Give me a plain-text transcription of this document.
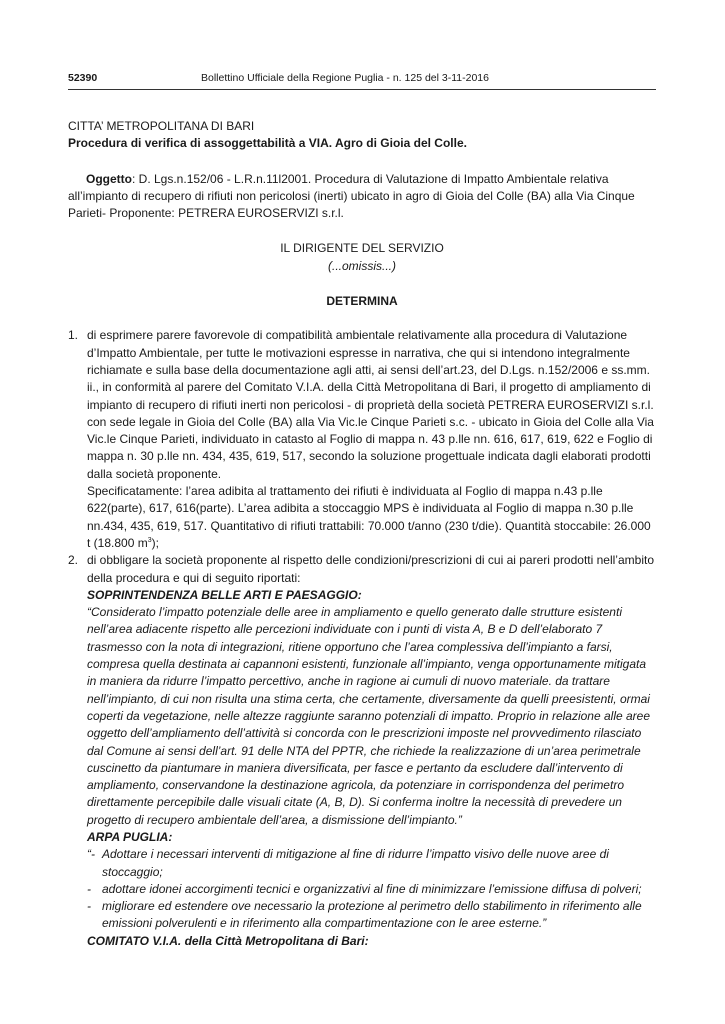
52390	Bollettino Ufficiale della Regione Puglia - n. 125 del 3-11-2016

CITTA’ METROPOLITANA DI BARI

Procedura di verifica di assoggettabilità a VIA. Agro di Gioia del Colle.

Oggetto: D. Lgs.n.152/06 - L.R.n.11l2001. Procedura di Valutazione di Impatto Ambientale relativa all’impianto di recupero di rifiuti non pericolosi (inerti) ubicato in agro di Gioia del Colle (BA) alla Via Cinque Parieti- Proponente: PETRERA EUROSERVIZI s.r.l.

IL DIRIGENTE DEL SERVIZIO

(...omissis...)

DETERMINA

1. di esprimere parere favorevole di compatibilità ambientale relativamente alla procedura di Valutazione d’Impatto Ambientale, per tutte le motivazioni espresse in narrativa, che qui si intendono integralmente richiamate e sulla base della documentazione agli atti, ai sensi dell’art.23, del D.Lgs. n.152/2006 e ss.mm. ii., in conformità al parere del Comitato V.I.A. della Città Metropolitana di Bari, il progetto di ampliamento di impianto di recupero di rifiuti inerti non pericolosi - di proprietà della società PETRERA EUROSERVIZI s.r.l. con sede legale in Gioia del Colle (BA) alla Via Vic.le Cinque Parieti s.c. - ubicato in Gioia del Colle alla Via Vic.le Cinque Parieti, individuato in catasto al Foglio di mappa n. 43 p.lle nn. 616, 617, 619, 622 e Foglio di mappa n. 30 p.lle nn. 434, 435, 619, 517, secondo la soluzione progettuale indicata dagli elaborati prodotti dalla società proponente.

Specificatamente: l’area adibita al trattamento dei rifiuti è individuata al Foglio di mappa n.43 p.lle 622(parte), 617, 616(parte). L’area adibita a stoccaggio MPS è individuata al Foglio di mappa n.30 p.lle nn.434, 435, 619, 517. Quantitativo di rifiuti trattabili: 70.000 t/anno (230 t/die). Quantità stoccabile: 26.000 t (18.800 $m^3$);

2. di obbligare la società proponente al rispetto delle condizioni/prescrizioni di cui ai pareri prodotti nell’ambito della procedura e qui di seguito riportati:

SOPRINTENDENZA BELLE ARTI E PAESAGGIO:

“Considerato l’impatto potenziale delle aree in ampliamento e quello generato dalle strutture esistenti nell’area adiacente rispetto alle percezioni individuate con i punti di vista A, B e D dell’elaborato 7 trasmesso con la nota di integrazioni, ritiene opportuno che l’area complessiva dell’impianto a farsi, compresa quella destinata ai capannoni esistenti, funzionale all’impianto, venga opportunamente mitigata in maniera da ridurre l’impatto percettivo, anche in ragione ai cumuli di nuovo materiale. da trattare nell’impianto, di cui non risulta una stima certa, che certamente, diversamente da quelli preesistenti, ormai coperti da vegetazione, nelle altezze raggiunte saranno potenziali di impatto. Proprio in relazione alle aree oggetto dell’ampliamento dell’attività si concorda con le prescrizioni imposte nel provvedimento rilasciato dal Comune ai sensi dell’art. 91 delle NTA del PPTR, che richiede la realizzazione di un’area perimetrale cuscinetto da piantumare in maniera diversificata, per fasce e pertanto da escludere dall’intervento di ampliamento, conservandone la destinazione agricola, da potenziare in corrispondenza del perimetro direttamente percepibile dalle visuali citate (A, B, D). Si conferma inoltre la necessità di prevedere un progetto di recupero ambientale dell’area, a dismissione dell’impianto.”

ARPA PUGLIA:

“- Adottare i necessari interventi di mitigazione al fine di ridurre l’impatto visivo delle nuove aree di stoccaggio;
- adottare idonei accorgimenti tecnici e organizzativi al fine di minimizzare l’emissione diffusa di polveri;
- migliorare ed estendere ove necessario la protezione al perimetro dello stabilimento in riferimento alle emissioni polverulenti e in riferimento alla compartimentazione con le aree esterne.”

COMITATO V.I.A. della Città Metropolitana di Bari:
